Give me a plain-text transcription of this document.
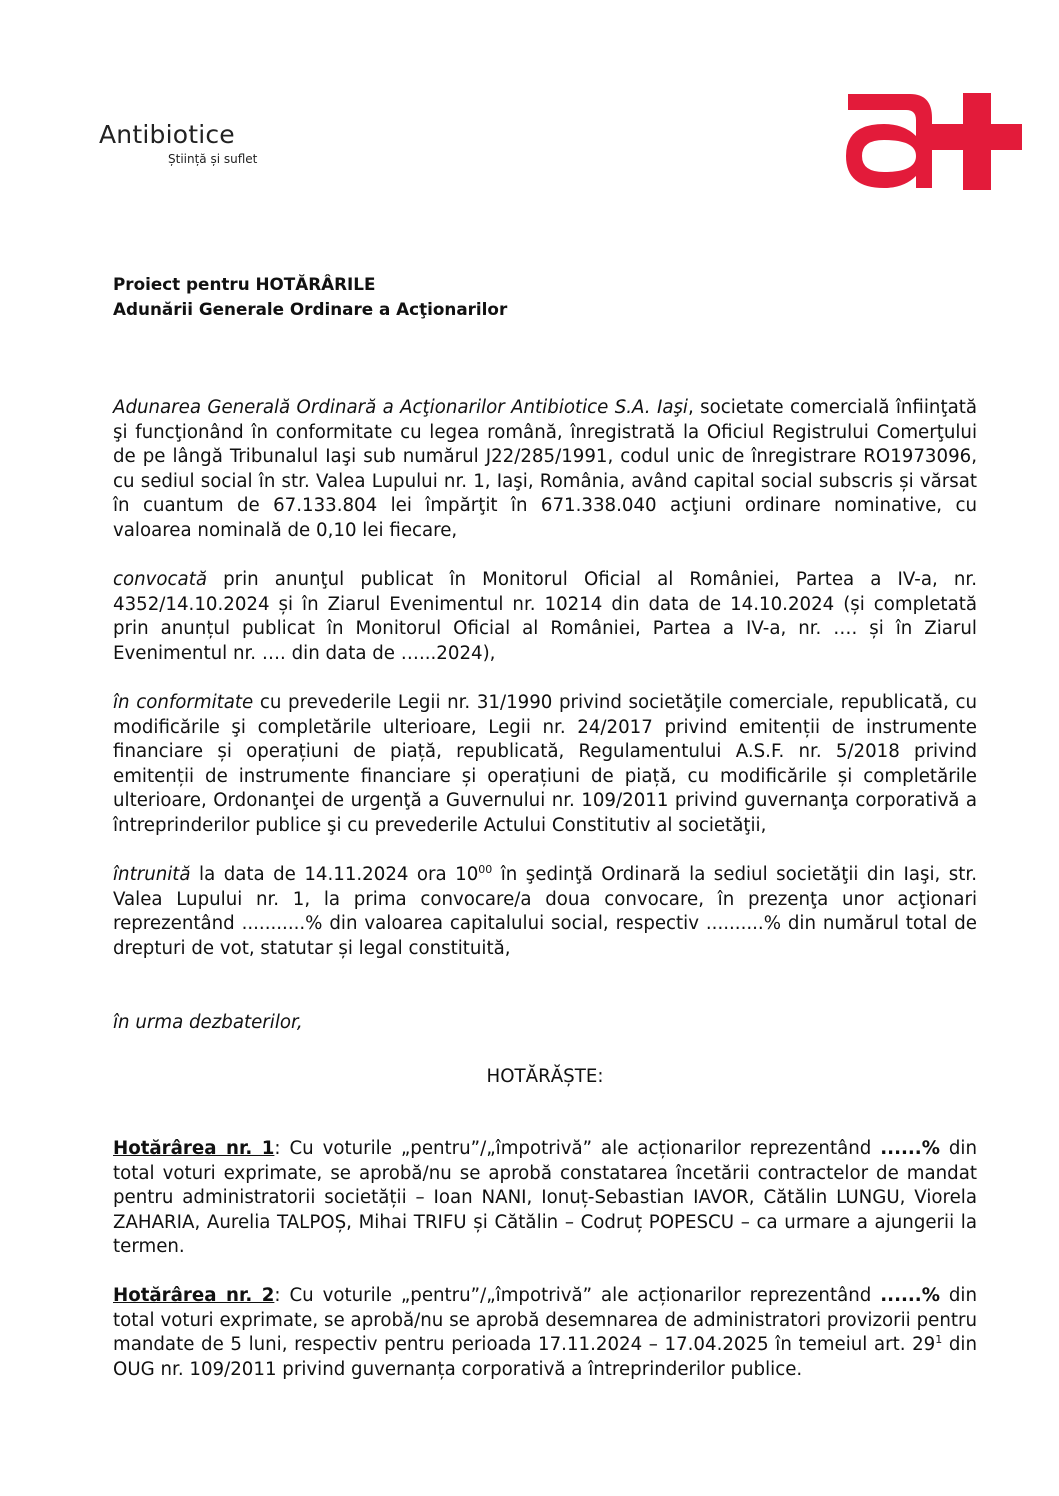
Antibiotice
Știință și suflet
Proiect pentru HOTĂRÂRILE
Adunării Generale Ordinare a Acţionarilor

Adunarea Generală Ordinară a Acţionarilor Antibiotice S.A. Iaşi, societate comercială înfiinţată şi funcţionând în conformitate cu legea română, înregistrată la Oficiul Registrului Comerţului de pe lângă Tribunalul Iaşi sub numărul J22/285/1991, codul unic de înregistrare RO1973096, cu sediul social în str. Valea Lupului nr. 1, Iaşi, România, având capital social subscris și vărsat în cuantum de 67.133.804 lei împărţit în 671.338.040 acţiuni ordinare nominative, cu valoarea nominală de 0,10 lei fiecare,

convocată prin anunţul publicat în Monitorul Oficial al României, Partea a IV-a, nr. 4352/14.10.2024 și în Ziarul Evenimentul nr. 10214 din data de 14.10.2024 (și completată prin anunțul publicat în Monitorul Oficial al României, Partea a IV-a, nr. …. și în Ziarul Evenimentul nr. …. din data de …...2024),

în conformitate cu prevederile Legii nr. 31/1990 privind societăţile comerciale, republicată, cu modificările şi completările ulterioare, Legii nr. 24/2017 privind emitenții de instrumente financiare și operațiuni de piață, republicată, Regulamentului A.S.F. nr. 5/2018 privind emitenții de instrumente financiare și operațiuni de piață, cu modificările și completările ulterioare, Ordonanţei de urgenţă a Guvernului nr. 109/2011 privind guvernanţa corporativă a întreprinderilor publice şi cu prevederile Actului Constitutiv al societăţii,

întrunită la data de 14.11.2024 ora $10^{00}$ în şedinţă Ordinară la sediul societăţii din Iaşi, str. Valea Lupului nr. 1, la prima convocare/a doua convocare, în prezenţa unor acţionari reprezentând ...........% din valoarea capitalului social, respectiv ..........% din numărul total de drepturi de vot, statutar și legal constituită,

în urma dezbaterilor,

HOTĂRĂȘTE:

Hotărârea nr. 1: Cu voturile „pentru”/„împotrivă” ale acționarilor reprezentând ......% din total voturi exprimate, se aprobă/nu se aprobă constatarea încetării contractelor de mandat pentru administratorii societății – Ioan NANI, Ionuț-Sebastian IAVOR, Cătălin LUNGU, Viorela ZAHARIA, Aurelia TALPOȘ, Mihai TRIFU și Cătălin – Codruț POPESCU – ca urmare a ajungerii la termen.

Hotărârea nr. 2: Cu voturile „pentru”/„împotrivă” ale acționarilor reprezentând ......% din total voturi exprimate, se aprobă/nu se aprobă desemnarea de administratori provizorii pentru mandate de 5 luni, respectiv pentru perioada 17.11.2024 – 17.04.2025 în temeiul art. $29^1$ din OUG nr. 109/2011 privind guvernanța corporativă a întreprinderilor publice.
